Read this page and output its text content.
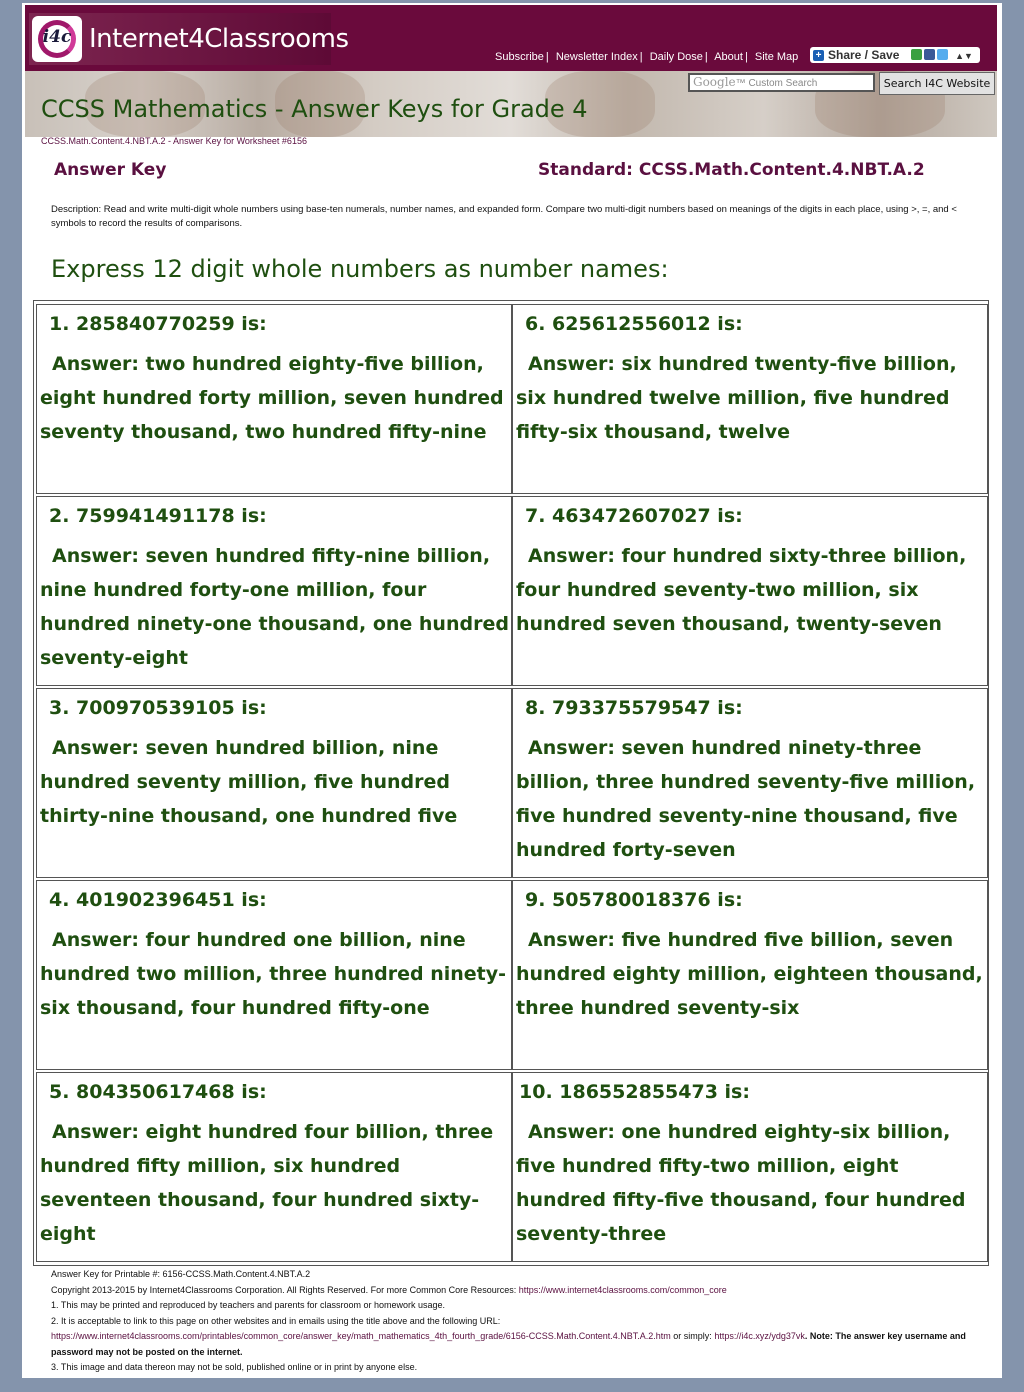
i4c Internet4Classrooms
Subscribe | Newsletter Index | Daily Dose | About | Site Map	+ Share / Save	▲▼
Google™ Custom Search	Search I4C Website
CCSS Mathematics - Answer Keys for Grade 4
CCSS.Math.Content.4.NBT.A.2 - Answer Key for Worksheet #6156
Answer Key	Standard: CCSS.Math.Content.4.NBT.A.2
Description: Read and write multi-digit whole numbers using base-ten numerals, number names, and expanded form. Compare two multi-digit numbers based on meanings of the digits in each place, using >, =, and < symbols to record the results of comparisons.
Express 12 digit whole numbers as number names:
1. 285840770259 is:
Answer: two hundred eighty-five billion, eight hundred forty million, seven hundred seventy thousand, two hundred fifty-nine
6. 625612556012 is:
Answer: six hundred twenty-five billion, six hundred twelve million, five hundred fifty-six thousand, twelve
2. 759941491178 is:
Answer: seven hundred fifty-nine billion, nine hundred forty-one million, four hundred ninety-one thousand, one hundred seventy-eight
7. 463472607027 is:
Answer: four hundred sixty-three billion, four hundred seventy-two million, six hundred seven thousand, twenty-seven
3. 700970539105 is:
Answer: seven hundred billion, nine hundred seventy million, five hundred thirty-nine thousand, one hundred five
8. 793375579547 is:
Answer: seven hundred ninety-three billion, three hundred seventy-five million, five hundred seventy-nine thousand, five hundred forty-seven
4. 401902396451 is:
Answer: four hundred one billion, nine hundred two million, three hundred ninety-six thousand, four hundred fifty-one
9. 505780018376 is:
Answer: five hundred five billion, seven hundred eighty million, eighteen thousand, three hundred seventy-six
5. 804350617468 is:
Answer: eight hundred four billion, three hundred fifty million, six hundred seventeen thousand, four hundred sixty-eight
10. 186552855473 is:
Answer: one hundred eighty-six billion, five hundred fifty-two million, eight hundred fifty-five thousand, four hundred seventy-three
Answer Key for Printable #: 6156-CCSS.Math.Content.4.NBT.A.2
Copyright 2013-2015 by Internet4Classrooms Corporation. All Rights Reserved. For more Common Core Resources: https://www.internet4classrooms.com/common_core
1. This may be printed and reproduced by teachers and parents for classroom or homework usage.
2. It is acceptable to link to this page on other websites and in emails using the title above and the following URL:
https://www.internet4classrooms.com/printables/common_core/answer_key/math_mathematics_4th_fourth_grade/6156-CCSS.Math.Content.4.NBT.A.2.htm or simply: https://i4c.xyz/ydg37vk. Note: The answer key username and password may not be posted on the internet.
3. This image and data thereon may not be sold, published online or in print by anyone else.
